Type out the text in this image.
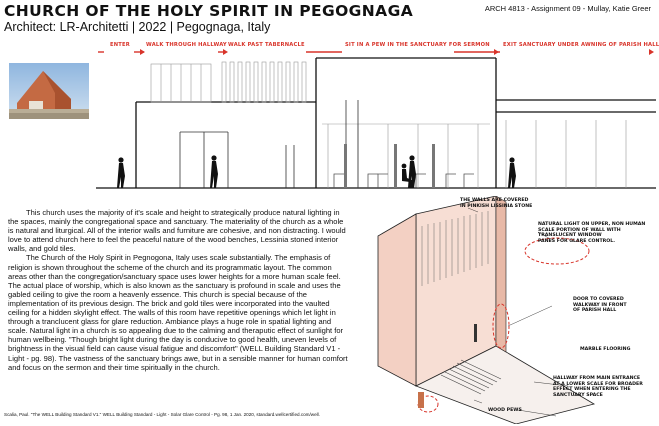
CHURCH OF THE HOLY SPIRIT IN PEGOGNAGA
Architect: LR-Architetti | 2022 | Pegognaga, Italy
ARCH 4813 - Assignment 09 - Mullay, Katie Greer
ENTER	WALK THROUGH HALLWAY WALK PAST TABERNACLE	SIT IN A PEW IN THE SANCTUARY FOR SERMON	EXIT SANCTUARY UNDER AWNING OF PARISH HALL

This church uses the majority of it's scale and height to strategically produce natural lighting in the spaces, mainly the congregational space and sanctuary. The materiality of the church as a whole is natural and liturgical. All of the interior walls and furniture are cohesive, and non distracting. I would love to attend church here to feel the peaceful nature of the wood benches, Lessinia stoned interior walls, and gold tiles.

The Church of the Holy Spirit in Pegnogona, Italy uses scale substantially. The emphasis of religion is shown throughout the scheme of the church and its programmatic layout. The common areas other than the congregation/sanctuary space uses lower heights for a more human scale feel. The actual place of worship, which is also known as the sanctuary is profound in scale and uses the gabled ceiling to give the room a heavenly essence. This church is special because of the implementation of its previous design. The brick and gold tiles were incorporated into the vaulted ceiling for a hidden skylight effect. The walls of this room have repetitive openings which let light in through a tranclucent glass for glare reduction. Ambiance plays a huge role in spatial lighting and scale. Natural light in a church is so appealing due to the calming and theraputic effect of sunlight for human wellbeing. "Though bright light during the day is conducive to good health, uneven levels of brightness in the visual field can cause visual fatigue and discomfort" (WELL Building Standard V1 - Light - pg. 98). The vastness of the sanctuary brings awe, but in a sensible manner for human comfort and focus on the sermon and their time spiritually in the church.

Scalia, Paul. "The WELL Building Standard V1." WELL Building Standard - Light - Solar Glare Control - Pg. 98, 1 Jan. 2020, standard.wellcertified.com/well.
THE WALLS ARE COVERED
IN PINKISH LISSINIA STONE
NATURAL LIGHT ON UPPER, NON HUMAN
SCALE PORTION OF WALL WITH
TRANSLUCENT WINDOW
PANES FOR GLARE CONTROL.
DOOR TO COVERED
WALKWAY IN FRONT
OF PARISH HALL
MARBLE FLOORING
HALLWAY FROM MAIN ENTRANCE
AT A LOWER SCALE FOR BROADER
EFFECT WHEN ENTERING THE
SANCTUARY SPACE
WOOD PEWS
